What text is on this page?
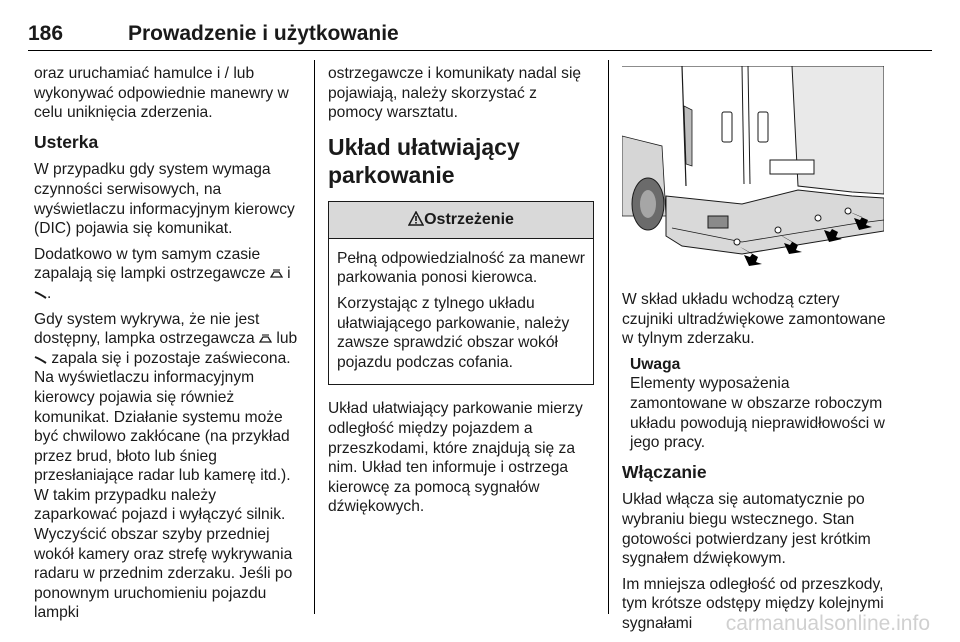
186	Prowadzenie i użytkowanie

oraz uruchamiać hamulce i / lub wykonywać odpowiednie manewry w celu uniknięcia zderzenia.

Usterka

W przypadku gdy system wymaga czynności serwisowych, na wyświetlaczu informacyjnym kierowcy (DIC) pojawia się komunikat.

Dodatkowo w tym samym czasie zapalają się lampki ostrzegawcze i .

Gdy system wykrywa, że nie jest dostępny, lampka ostrzegawcza lub  zapala się i pozostaje zaświecona. Na wyświetlaczu informacyjnym kierowcy pojawia się również komunikat. Działanie systemu może być chwilowo zakłócane (na przykład przez brud, błoto lub śnieg przesłaniające radar lub kamerę itd.). W takim przypadku należy zaparkować pojazd i wyłączyć silnik. Wyczyścić obszar szyby przedniej wokół kamery oraz strefę wykrywania radaru w przednim zderzaku. Jeśli po ponownym uruchomieniu pojazdu lampki

ostrzegawcze i komunikaty nadal się pojawiają, należy skorzystać z pomocy warsztatu.

Układ ułatwiający parkowanie
Ostrzeżenie

Pełną odpowiedzialność za manewr parkowania ponosi kierowca.

Korzystając z tylnego układu ułatwiającego parkowanie, należy zawsze sprawdzić obszar wokół pojazdu podczas cofania.

Układ ułatwiający parkowanie mierzy odległość między pojazdem a przeszkodami, które znajdują się za nim. Układ ten informuje i ostrzega kierowcę za pomocą sygnałów dźwiękowych.

W skład układu wchodzą cztery czujniki ultradźwiękowe zamontowane w tylnym zderzaku.

Uwaga

Elementy wyposażenia zamontowane w obszarze roboczym układu powodują nieprawidłowości w jego pracy.

Włączanie

Układ włącza się automatycznie po wybraniu biegu wstecznego. Stan gotowości potwierdzany jest krótkim sygnałem dźwiękowym.

Im mniejsza odległość od przeszkody, tym krótsze odstępy między kolejnymi sygnałami	carmanualsonline.info
